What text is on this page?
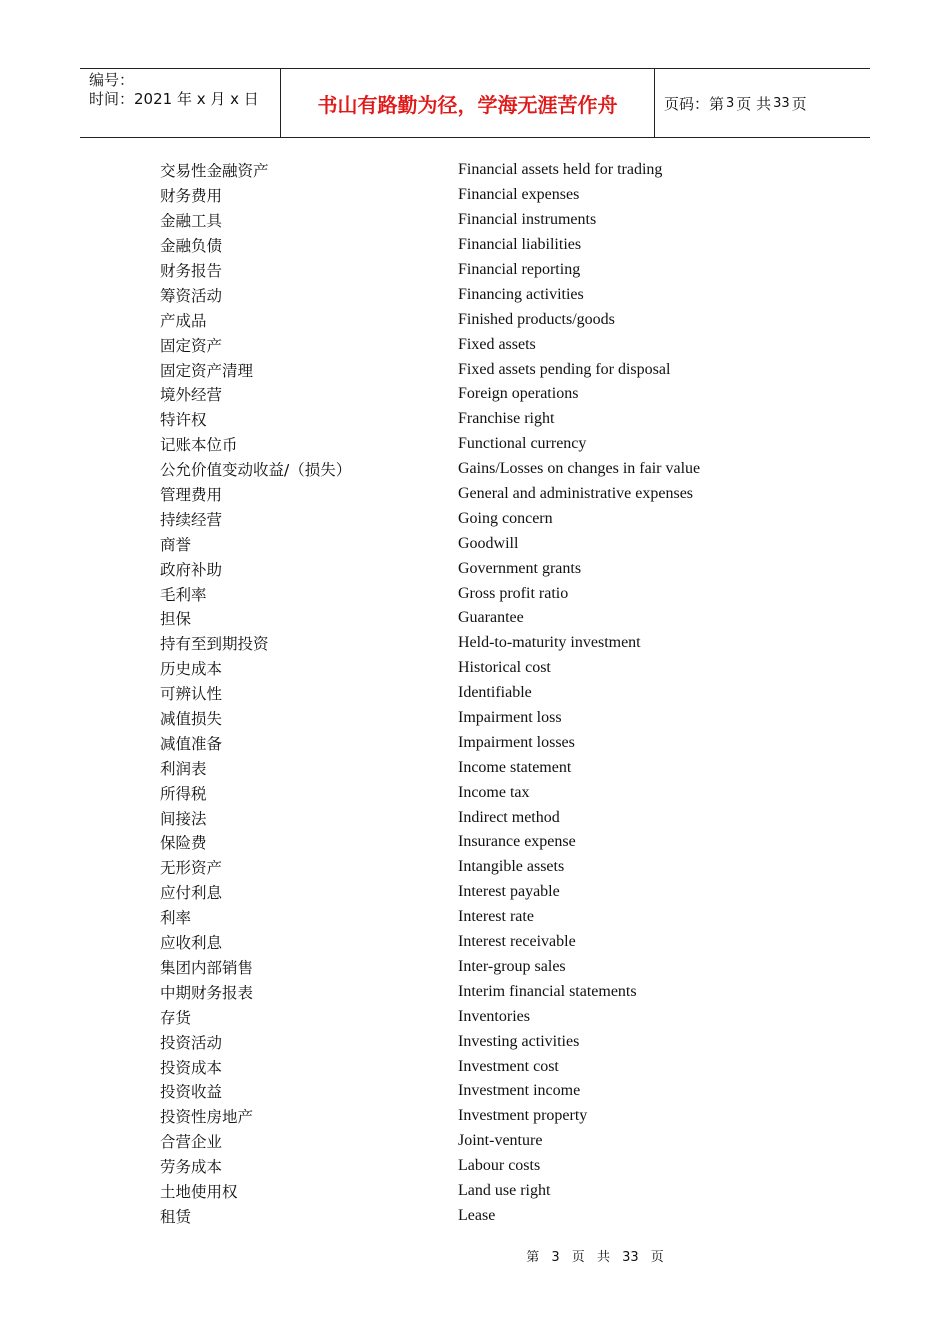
编号：
时间：2021 年 x 月 x 日	书山有路勤为径，学海无涯苦作舟	页码：第 3 页 共 33 页
交易性金融资产	Financial assets held for trading
财务费用	Financial expenses
金融工具	Financial instruments
金融负债	Financial liabilities
财务报告	Financial reporting
筹资活动	Financing activities
产成品	Finished products/goods
固定资产	Fixed assets
固定资产清理	Fixed assets pending for disposal
境外经营	Foreign operations
特许权	Franchise right
记账本位币	Functional currency
公允价值变动收益/（损失）	Gains/Losses on changes in fair value
管理费用	General and administrative expenses
持续经营	Going concern
商誉	Goodwill
政府补助	Government grants
毛利率	Gross profit ratio
担保	Guarantee
持有至到期投资	Held-to-maturity investment
历史成本	Historical cost
可辨认性	Identifiable
减值损失	Impairment loss
减值准备	Impairment losses
利润表	Income statement
所得税	Income tax
间接法	Indirect method
保险费	Insurance expense
无形资产	Intangible assets
应付利息	Interest payable
利率	Interest rate
应收利息	Interest receivable
集团内部销售	Inter-group sales
中期财务报表	Interim financial statements
存货	Inventories
投资活动	Investing activities
投资成本	Investment cost
投资收益	Investment income
投资性房地产	Investment property
合营企业	Joint-venture
劳务成本	Labour costs
土地使用权	Land use right
租赁	Lease
第 3 页 共 33 页
